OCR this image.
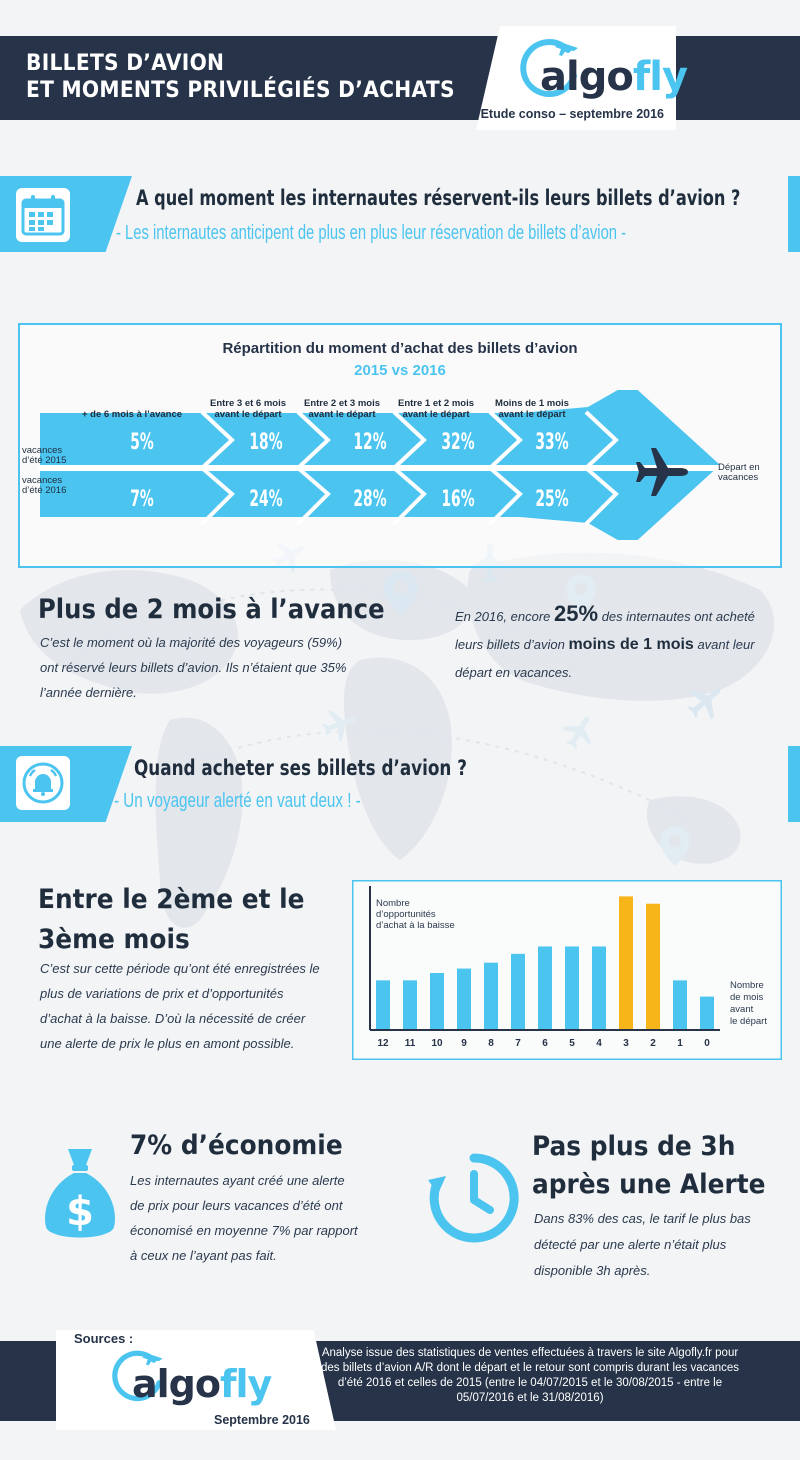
BILLETS D’AVION
ET MOMENTS PRIVILÉGIÉS D’ACHATS algo fly
Etude conso – septembre 2016
A quel moment les internautes réservent-ils leurs billets d’avion ?
- Les internautes anticipent de plus en plus leur réservation de billets d’avion -
Répartition du moment d’achat des billets d’avion
2015 vs 2016
+ de 6 mois à l’avance
Entre 3 et 6 mois
avant le départ
Entre 2 et 3 mois
avant le départ
Entre 1 et 2 mois
avant le départ
Moins de 1 mois
avant le départ
vacances
d’été 2015
vacances
d’été 2016
5%	18%	12%	32%	33%
7%	24%	28%	16%	25%
Départ en
vacances
Plus de 2 mois à l’avance
C’est le moment où la majorité des voyageurs (59%)
ont réservé leurs billets d’avion. Ils n’étaient que 35%
l’année dernière.
En 2016, encore 25% des internautes ont acheté
leurs billets d’avion moins de 1 mois avant leur
départ en vacances.
Quand acheter ses billets d’avion ?
- Un voyageur alerté en vaut deux ! -
Entre le 2ème et le
3ème mois
C’est sur cette période qu’ont été enregistrées le
plus de variations de prix et d’opportunités
d’achat à la baisse. D’où la nécessité de créer
une alerte de prix le plus en amont possible.
Nombre
d’opportunités
d’achat à la baisse
Nombre
de mois
avant
le départ
12 11 10 9 8 7 6 5 4 3 2 1 0
$
7% d’économie
Les internautes ayant créé une alerte
de prix pour leurs vacances d’été ont
économisé en moyenne 7% par rapport
à ceux ne l’ayant pas fait.
Pas plus de 3h
après une Alerte
Dans 83% des cas, le tarif le plus bas
détecté par une alerte n’était plus
disponible 3h après.
Sources :
algo fly
Septembre 2016
Analyse issue des statistiques de ventes effectuées à travers le site Algofly.fr pour
des billets d’avion A/R dont le départ et le retour sont compris durant les vacances
d’été 2016 et celles de 2015 (entre le 04/07/2015 et le 30/08/2015 - entre le
05/07/2016 et le 31/08/2016)
